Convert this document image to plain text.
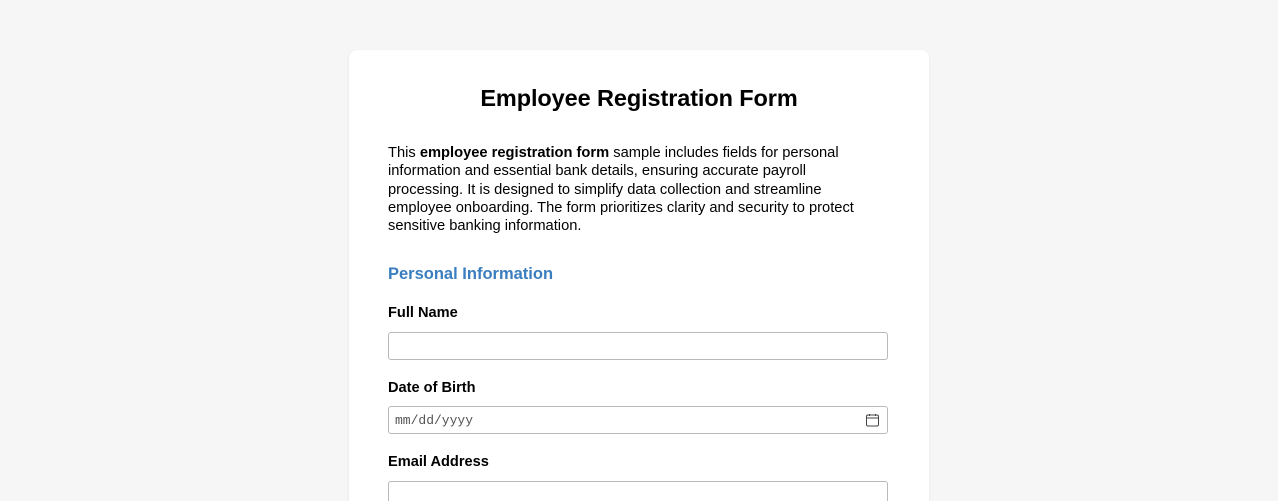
Employee Registration Form

This employee registration form sample includes fields for personal information and essential bank details, ensuring accurate payroll processing. It is designed to simplify data collection and streamline employee onboarding. The form prioritizes clarity and security to protect sensitive banking information.

Personal Information
Full Name
Date of Birth
mm/dd/yyyy
Email Address
